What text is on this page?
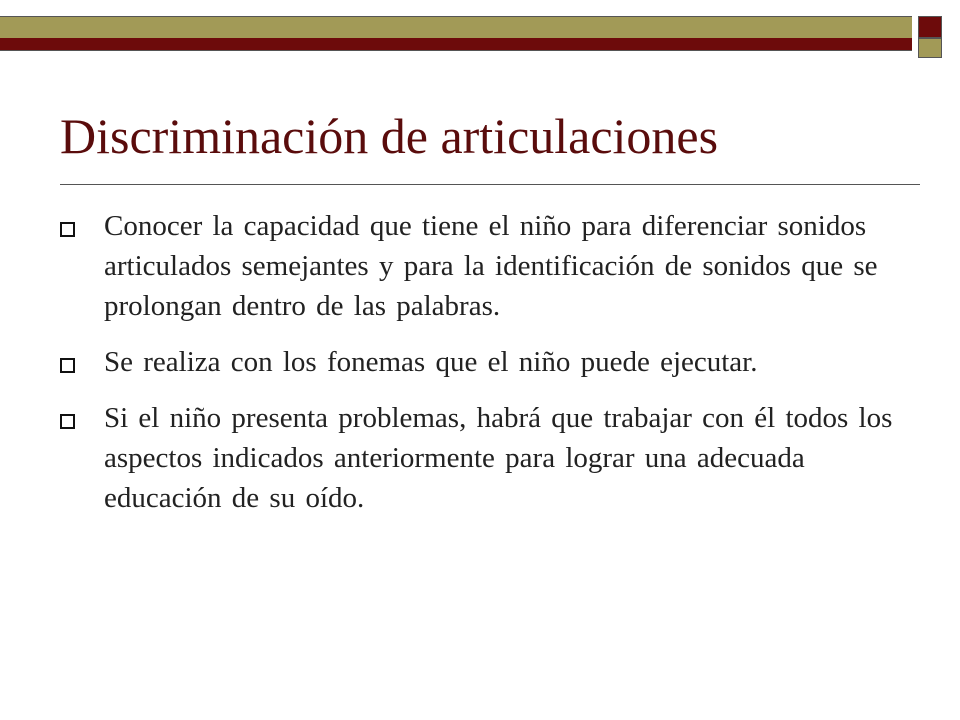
Discriminación de articulaciones
Conocer la capacidad que tiene el niño para diferenciar sonidos articulados semejantes y para la identificación de sonidos que se prolongan dentro de las palabras.
Se realiza con los fonemas que el niño puede ejecutar.
Si el niño presenta problemas, habrá que trabajar con él todos los aspectos indicados anteriormente para lograr una adecuada educación de su oído.
